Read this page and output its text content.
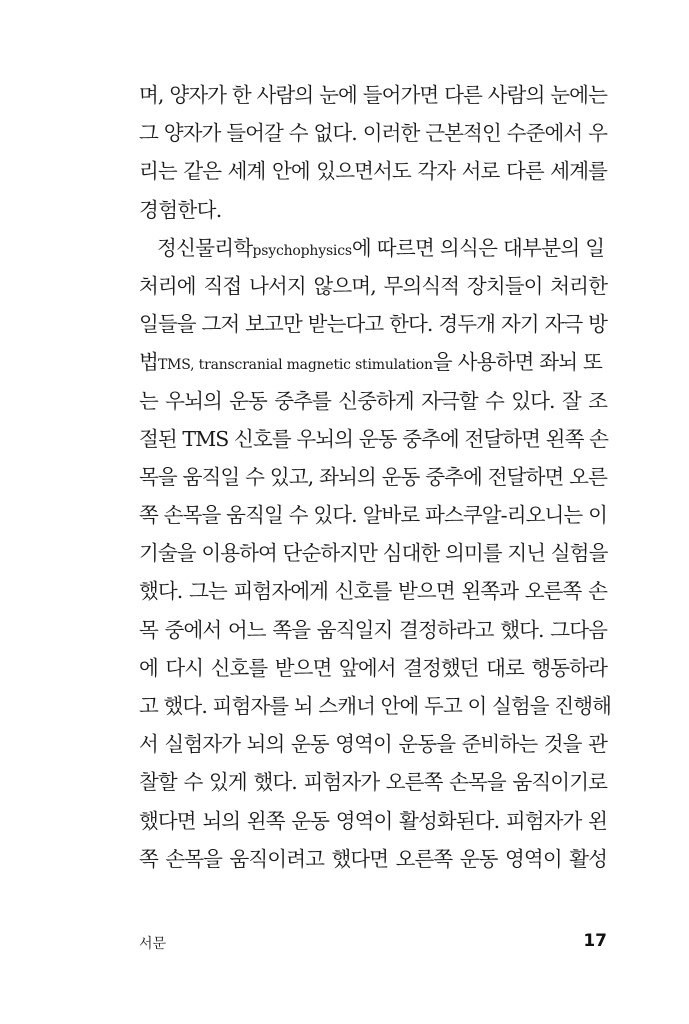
며, 양자가 한 사람의 눈에 들어가면 다른 사람의 눈에는
그 양자가 들어갈 수 없다. 이러한 근본적인 수준에서 우
리는 같은 세계 안에 있으면서도 각자 서로 다른 세계를
경험한다.
정신물리학psychophysics에 따르면 의식은 대부분의 일
처리에 직접 나서지 않으며, 무의식적 장치들이 처리한
일들을 그저 보고만 받는다고 한다. 경두개 자기 자극 방
법TMS, transcranial magnetic stimulation을 사용하면 좌뇌 또
는 우뇌의 운동 중추를 신중하게 자극할 수 있다. 잘 조
절된 TMS 신호를 우뇌의 운동 중추에 전달하면 왼쪽 손
목을 움직일 수 있고, 좌뇌의 운동 중추에 전달하면 오른
쪽 손목을 움직일 수 있다. 알바로 파스쿠알-리오니는 이
기술을 이용하여 단순하지만 심대한 의미를 지닌 실험을
했다. 그는 피험자에게 신호를 받으면 왼쪽과 오른쪽 손
목 중에서 어느 쪽을 움직일지 결정하라고 했다. 그다음
에 다시 신호를 받으면 앞에서 결정했던 대로 행동하라
고 했다. 피험자를 뇌 스캐너 안에 두고 이 실험을 진행해
서 실험자가 뇌의 운동 영역이 운동을 준비하는 것을 관
찰할 수 있게 했다. 피험자가 오른쪽 손목을 움직이기로
했다면 뇌의 왼쪽 운동 영역이 활성화된다. 피험자가 왼
쪽 손목을 움직이려고 했다면 오른쪽 운동 영역이 활성
서문	17
